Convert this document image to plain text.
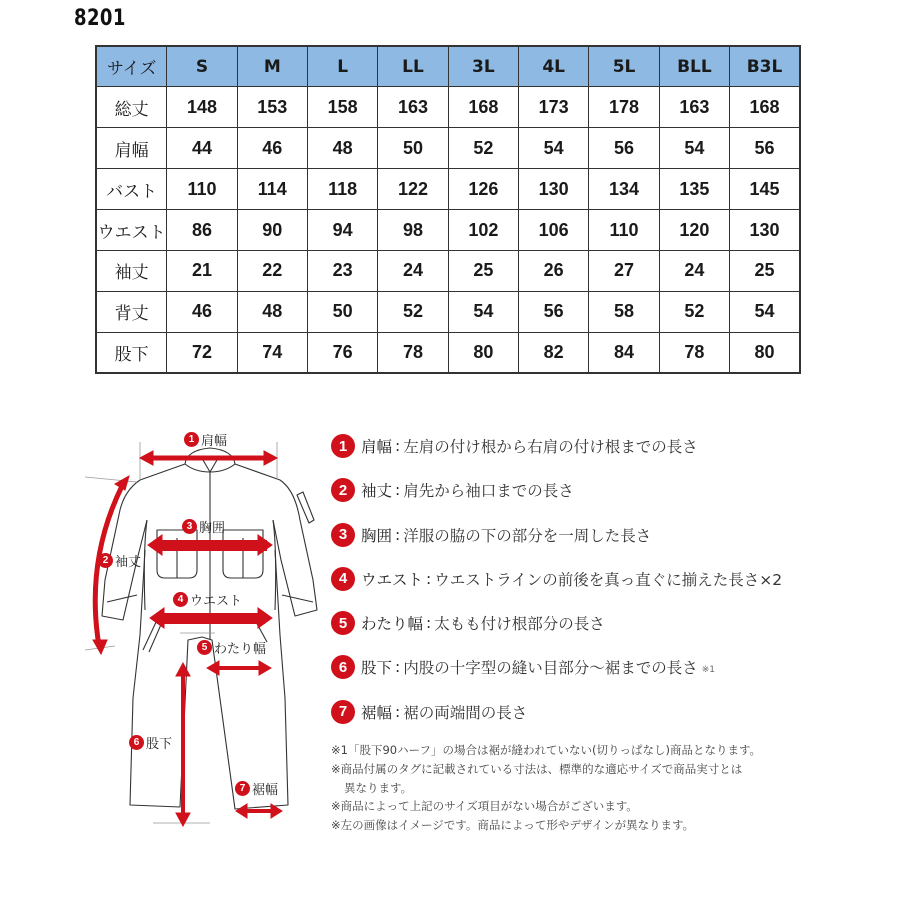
8201
サイズ	S	M	L	LL	3L	4L	5L	BLL	B3L
総丈	148	153	158	163	168	173	178	163	168
肩幅	44	46	48	50	52	54	56	54	56
バスト	110	114	118	122	126	130	134	135	145
ウエスト	86	90	94	98	102	106	110	120	130
袖丈	21	22	23	24	25	26	27	24	25
背丈	46	48	50	52	54	56	58	52	54
股下	72	74	76	78	80	82	84	78	80
1 肩幅
2 袖丈
3 胸囲
4 ウエスト
5 わたり幅
6 股下
7 裾幅
1 肩幅 : 左肩の付け根から右肩の付け根までの長さ
2 袖丈 : 肩先から袖口までの長さ
3 胸囲 : 洋服の脇の下の部分を一周した長さ
4 ウエスト : ウエストラインの前後を真っ直ぐに揃えた長さ×2
5 わたり幅 : 太もも付け根部分の長さ
6 股下 : 内股の十字型の縫い目部分〜裾までの長さ ※1
7 裾幅 : 裾の両端間の長さ
※1「股下90ハーフ」の場合は裾が縫われていない(切りっぱなし)商品となります。
※商品付属のタグに記載されている寸法は、標準的な適応サイズで商品実寸とは
異なります。
※商品によって上記のサイズ項目がない場合がございます。
※左の画像はイメージです。商品によって形やデザインが異なります。
